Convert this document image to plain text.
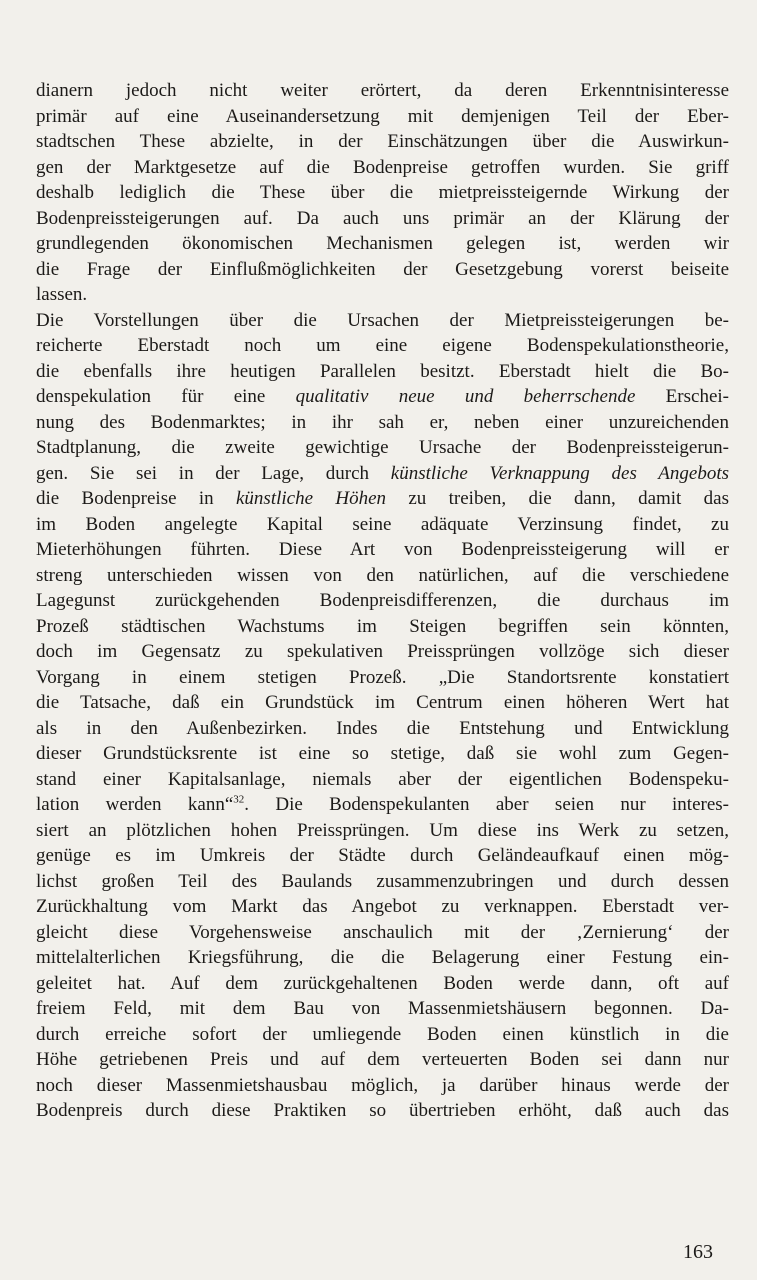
dianern jedoch nicht weiter erörtert, da deren Erkenntnisinteresse
primär auf eine Auseinandersetzung mit demjenigen Teil der Eber-
stadtschen These abzielte, in der Einschätzungen über die Auswirkun-
gen der Marktgesetze auf die Bodenpreise getroffen wurden. Sie griff
deshalb lediglich die These über die mietpreissteigernde Wirkung der
Bodenpreissteigerungen auf. Da auch uns primär an der Klärung der
grundlegenden ökonomischen Mechanismen gelegen ist, werden wir
die Frage der Einflußmöglichkeiten der Gesetzgebung vorerst beiseite
lassen.
Die Vorstellungen über die Ursachen der Mietpreissteigerungen be-
reicherte Eberstadt noch um eine eigene Bodenspekulationstheorie,
die ebenfalls ihre heutigen Parallelen besitzt. Eberstadt hielt die Bo-
denspekulation für eine qualitativ neue und beherrschende Erschei-
nung des Bodenmarktes; in ihr sah er, neben einer unzureichenden
Stadtplanung, die zweite gewichtige Ursache der Bodenpreissteigerun-
gen. Sie sei in der Lage, durch künstliche Verknappung des Angebots
die Bodenpreise in künstliche Höhen zu treiben, die dann, damit das
im Boden angelegte Kapital seine adäquate Verzinsung findet, zu
Mieterhöhungen führten. Diese Art von Bodenpreissteigerung will er
streng unterschieden wissen von den natürlichen, auf die verschiedene
Lagegunst zurückgehenden Bodenpreisdifferenzen, die durchaus im
Prozeß städtischen Wachstums im Steigen begriffen sein könnten,
doch im Gegensatz zu spekulativen Preissprüngen vollzöge sich dieser
Vorgang in einem stetigen Prozeß. „Die Standortsrente konstatiert
die Tatsache, daß ein Grundstück im Centrum einen höheren Wert hat
als in den Außenbezirken. Indes die Entstehung und Entwicklung
dieser Grundstücksrente ist eine so stetige, daß sie wohl zum Gegen-
stand einer Kapitalsanlage, niemals aber der eigentlichen Bodenspeku-
lation werden kann“$^{32}$. Die Bodenspekulanten aber seien nur interes-
siert an plötzlichen hohen Preissprüngen. Um diese ins Werk zu setzen,
genüge es im Umkreis der Städte durch Geländeaufkauf einen mög-
lichst großen Teil des Baulands zusammenzubringen und durch dessen
Zurückhaltung vom Markt das Angebot zu verknappen. Eberstadt ver-
gleicht diese Vorgehensweise anschaulich mit der ‚Zernierung‘ der
mittelalterlichen Kriegsführung, die die Belagerung einer Festung ein-
geleitet hat. Auf dem zurückgehaltenen Boden werde dann, oft auf
freiem Feld, mit dem Bau von Massenmietshäusern begonnen. Da-
durch erreiche sofort der umliegende Boden einen künstlich in die
Höhe getriebenen Preis und auf dem verteuerten Boden sei dann nur
noch dieser Massenmietshausbau möglich, ja darüber hinaus werde der
Bodenpreis durch diese Praktiken so übertrieben erhöht, daß auch das
163
